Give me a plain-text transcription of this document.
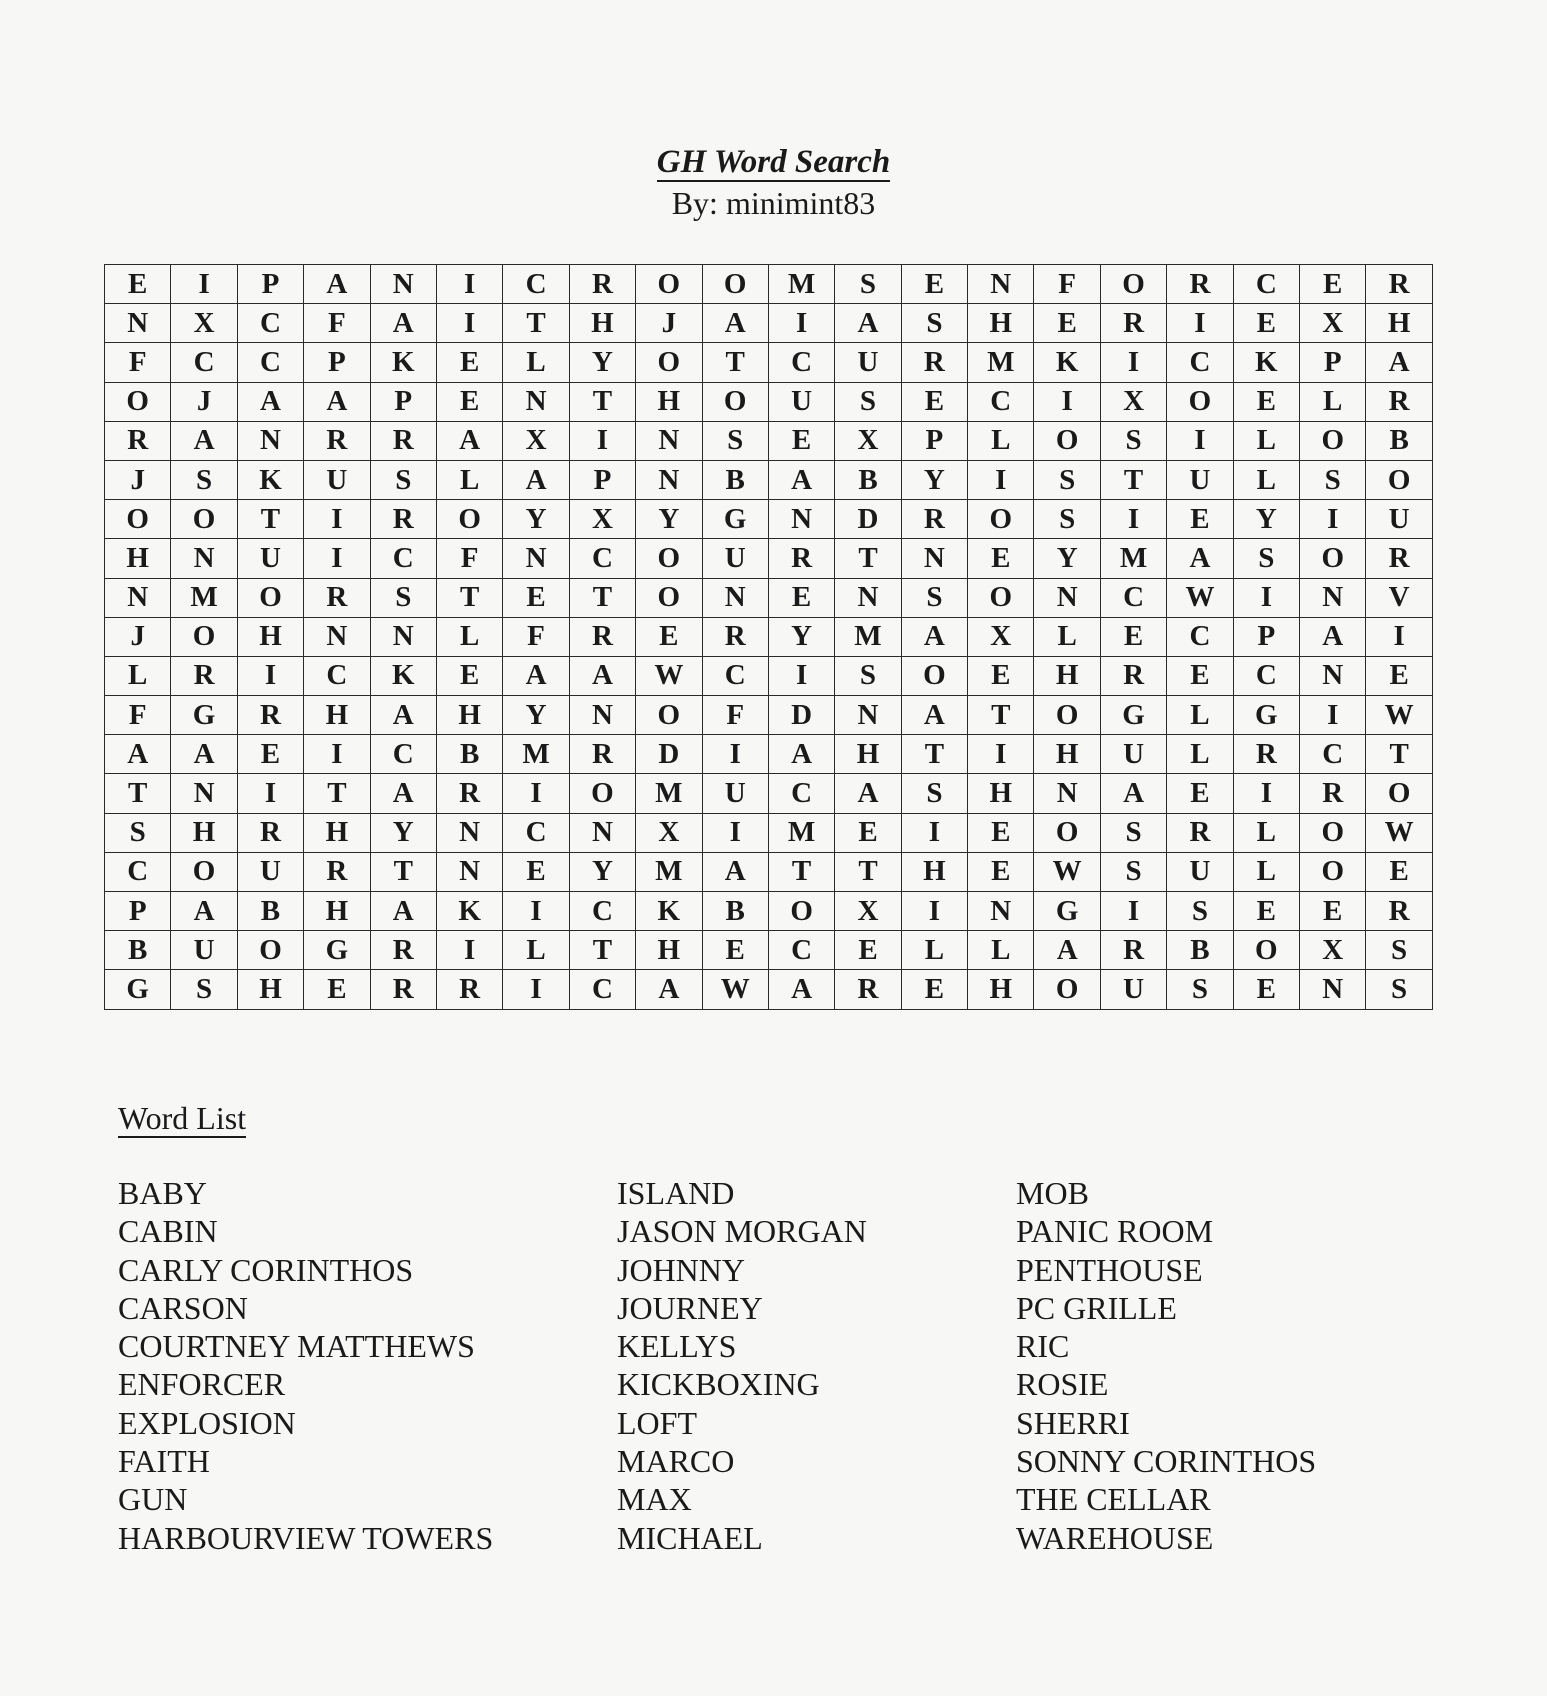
GH Word Search
By: minimint83
E	I	P	A	N	I	C	R	O	O	M	S	E	N	F	O	R	C	E	R
N	X	C	F	A	I	T	H	J	A	I	A	S	H	E	R	I	E	X	H
F	C	C	P	K	E	L	Y	O	T	C	U	R	M	K	I	C	K	P	A
O	J	A	A	P	E	N	T	H	O	U	S	E	C	I	X	O	E	L	R
R	A	N	R	R	A	X	I	N	S	E	X	P	L	O	S	I	L	O	B
J	S	K	U	S	L	A	P	N	B	A	B	Y	I	S	T	U	L	S	O
O	O	T	I	R	O	Y	X	Y	G	N	D	R	O	S	I	E	Y	I	U
H	N	U	I	C	F	N	C	O	U	R	T	N	E	Y	M	A	S	O	R
N	M	O	R	S	T	E	T	O	N	E	N	S	O	N	C	W	I	N	V
J	O	H	N	N	L	F	R	E	R	Y	M	A	X	L	E	C	P	A	I
L	R	I	C	K	E	A	A	W	C	I	S	O	E	H	R	E	C	N	E
F	G	R	H	A	H	Y	N	O	F	D	N	A	T	O	G	L	G	I	W
A	A	E	I	C	B	M	R	D	I	A	H	T	I	H	U	L	R	C	T
T	N	I	T	A	R	I	O	M	U	C	A	S	H	N	A	E	I	R	O
S	H	R	H	Y	N	C	N	X	I	M	E	I	E	O	S	R	L	O	W
C	O	U	R	T	N	E	Y	M	A	T	T	H	E	W	S	U	L	O	E
P	A	B	H	A	K	I	C	K	B	O	X	I	N	G	I	S	E	E	R
B	U	O	G	R	I	L	T	H	E	C	E	L	L	A	R	B	O	X	S
G	S	H	E	R	R	I	C	A	W	A	R	E	H	O	U	S	E	N	S
Word List
BABY
CABIN
CARLY CORINTHOS
CARSON
COURTNEY MATTHEWS
ENFORCER
EXPLOSION
FAITH
GUN
HARBOURVIEW TOWERS
ISLAND
JASON MORGAN
JOHNNY
JOURNEY
KELLYS
KICKBOXING
LOFT
MARCO
MAX
MICHAEL
MOB
PANIC ROOM
PENTHOUSE
PC GRILLE
RIC
ROSIE
SHERRI
SONNY CORINTHOS
THE CELLAR
WAREHOUSE
